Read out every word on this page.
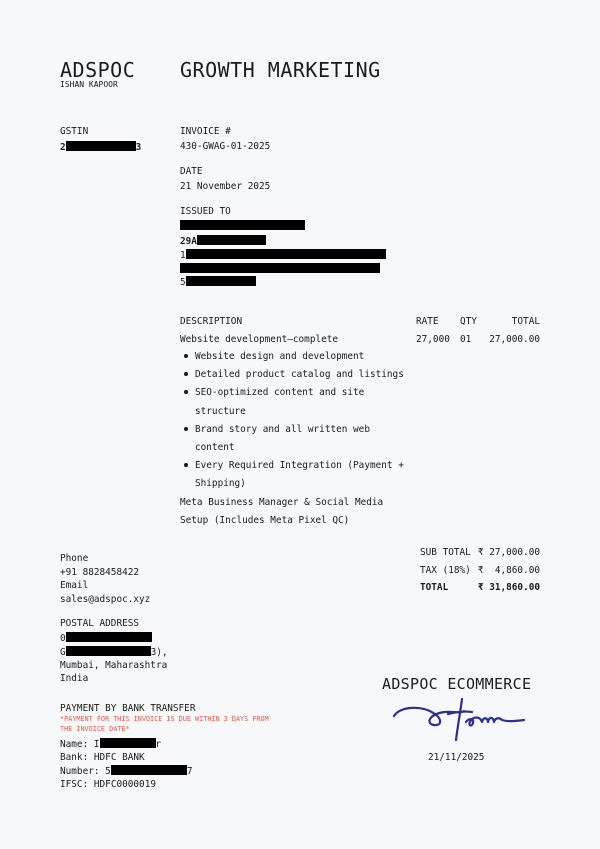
ADSPOC
ISHAN KAPOOR
GROWTH MARKETING
GSTIN
2	3
INVOICE #
430-GWAG-01-2025
DATE
21 November 2025
ISSUED TO
29A
1
5
DESCRIPTION	RATE QTY	TOTAL
Website development—complete	27,000 01	27,000.00
Website design and development
Detailed product catalog and listings
SEO-optimized content and site structure
Brand story and all written web content
Every Required Integration (Payment + Shipping)
Meta Business Manager & Social Media Setup (Includes Meta Pixel QC)
SUB TOTAL ₹ 27,000.00
TAX (18%) ₹  4,860.00
TOTAL	₹ 31,860.00
Phone
+91 8828458422
Email
sales@adspoc.xyz
POSTAL ADDRESS
0
G	3),
Mumbai, Maharashtra
India
PAYMENT BY BANK TRANSFER
*PAYMENT FOR THIS INVOICE IS DUE WITHIN 3 DAYS FROM THE INVOICE DATE*
Name: I	r
Bank: HDFC BANK
Number: 5	7
IFSC: HDFC0000019
ADSPOC ECOMMERCE
21/11/2025
